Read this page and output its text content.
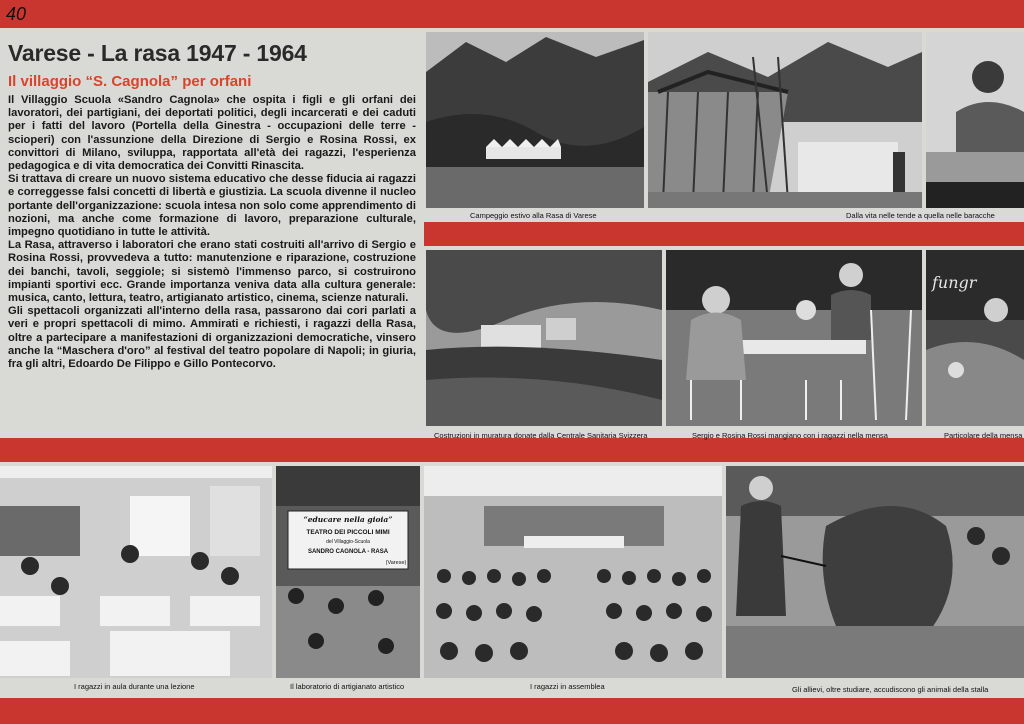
40
Varese - La rasa 1947 - 1964
Il villaggio “S. Cagnola” per orfani

Il Villaggio Scuola «Sandro Cagnola» che ospita i figli e gli orfani dei lavoratori, dei partigiani, dei deportati politici, degli incarcerati e dei caduti per i fatti del lavoro (Portella della Ginestra - occupazioni delle terre - scioperi) con l'assunzione della Direzione di Sergio e Rosina Rossi, ex convittori di Milano, sviluppa, rapportata all'età dei ragazzi, l'esperienza pedagogica e di vita democratica dei Convitti Rinascita.

Si trattava di creare un nuovo sistema educativo che desse fiducia ai ragazzi e correggesse falsi concetti di libertà e giustizia. La scuola divenne il nucleo portante dell'organizzazione: scuola intesa non solo come apprendimento di nozioni, ma anche come formazione di lavoro, preparazione culturale, impegno quotidiano in tutte le attività.

La Rasa, attraverso i laboratori che erano stati costruiti all'arrivo di Sergio e Rosina Rossi, provvedeva a tutto: manutenzione e riparazione, costruzione dei banchi, tavoli, seggiole; si sistemò l'immenso parco, si costruirono impianti sportivi ecc. Grande importanza veniva data alla cultura generale: musica, canto, lettura, teatro, artigianato artistico, cinema, scienze naturali.

Gli spettacoli organizzati all'interno della rasa, passarono dai cori parlati a veri e propri spettacoli di mimo. Ammirati e richiesti, i ragazzi della Rasa, oltre a partecipare a manifestazioni di organizzazioni democratiche, vinsero anche la “Maschera d'oro” al festival del teatro popolare di Napoli; in giuria, fra gli altri, Edoardo De Filippo e Gillo Pontecorvo.

Campeggio estivo alla Rasa di Varese	Dalla vita nelle tende a quella nelle baracche
Costruzioni in muratura donate dalla Centrale Sanitaria Svizzera	Sergio e Rosina Rossi mangiano con i ragazzi nella mensa
fungr
Particolare della mensa
I ragazzi in aula durante una lezione
“educare nella gioia”
TEATRO DEI PICCOLI MIMI
del Villaggio-Scuola
SANDRO CAGNOLA - RASA
(Varese)
Il laboratorio di artigianato artistico	I ragazzi in assemblea	Gli allievi, oltre studiare, accudiscono gli animali della stalla
